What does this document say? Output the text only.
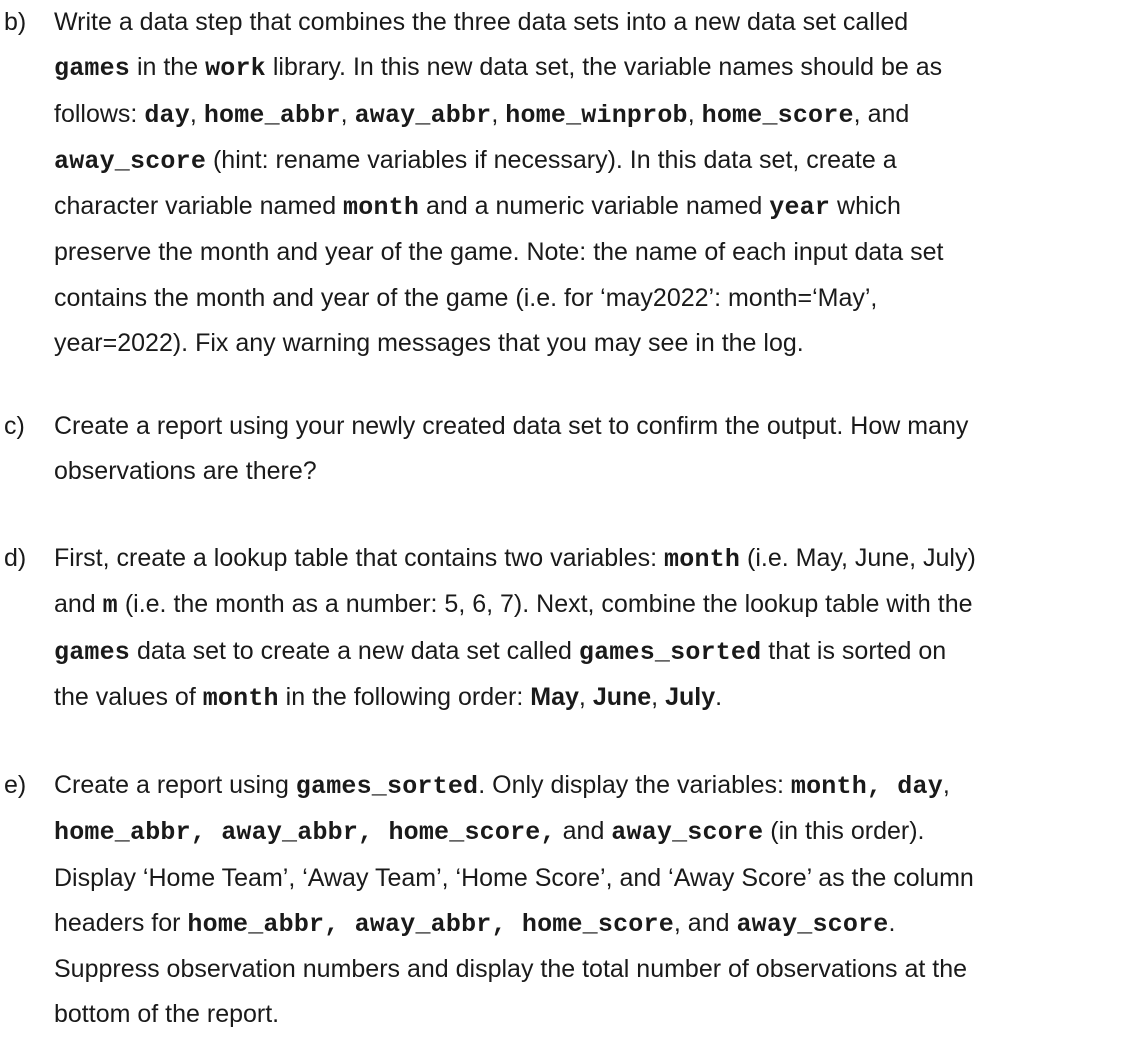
b) Write a data step that combines the three data sets into a new data set called
games in the work library. In this new data set, the variable names should be as
follows: day, home_abbr, away_abbr, home_winprob, home_score, and
away_score (hint: rename variables if necessary). In this data set, create a
character variable named month and a numeric variable named year which
preserve the month and year of the game. Note: the name of each input data set
contains the month and year of the game (i.e. for ‘may2022’: month=‘May’,
year=2022). Fix any warning messages that you may see in the log.
c) Create a report using your newly created data set to confirm the output. How many
observations are there?
d) First, create a lookup table that contains two variables: month (i.e. May, June, July)
and m (i.e. the month as a number: 5, 6, 7). Next, combine the lookup table with the
games data set to create a new data set called games_sorted that is sorted on
the values of month in the following order: May, June, July.
e) Create a report using games_sorted. Only display the variables: month, day,
home_abbr, away_abbr, home_score, and away_score (in this order).
Display ‘Home Team’, ‘Away Team’, ‘Home Score’, and ‘Away Score’ as the column
headers for home_abbr, away_abbr, home_score, and away_score.
Suppress observation numbers and display the total number of observations at the
bottom of the report.
